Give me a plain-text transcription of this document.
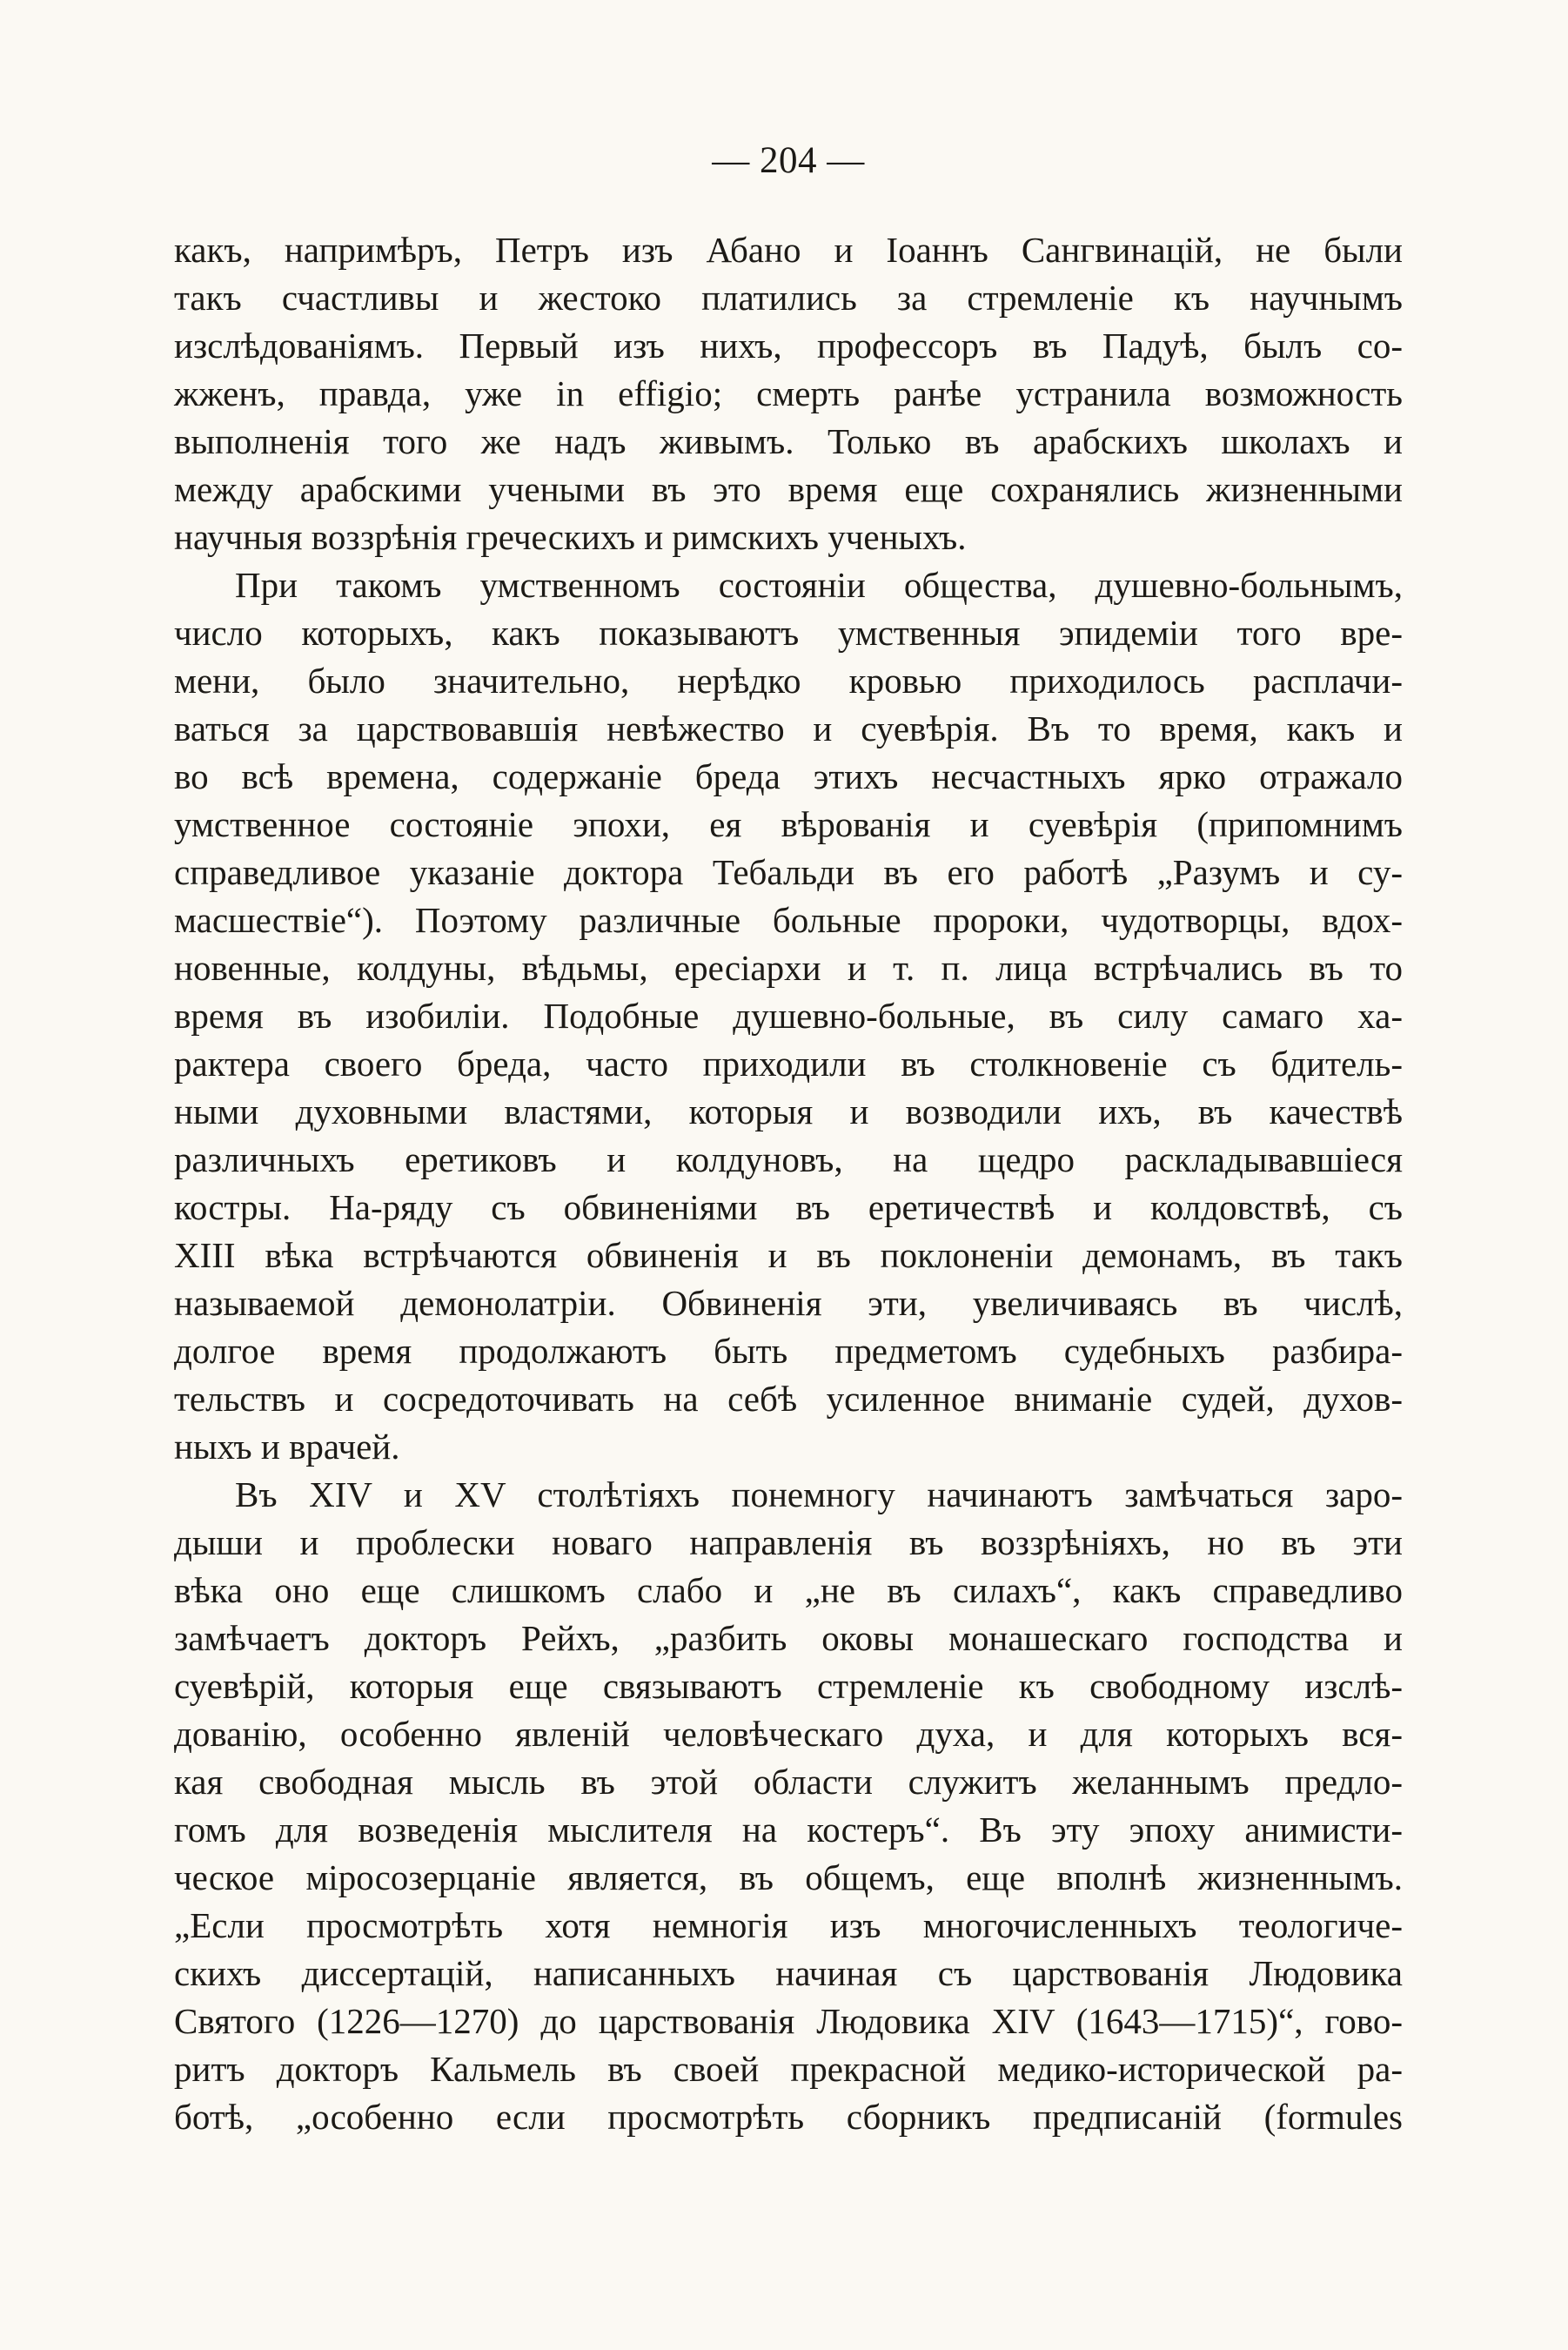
— 204 —

какъ, напримѣръ, Петръ изъ Абано и Іоаннъ Сангвинацій, не были
такъ счастливы и жестоко платились за стремленіе къ научнымъ
изслѣдованіямъ. Первый изъ нихъ, профессоръ въ Падуѣ, былъ со-
жженъ, правда, уже in effigio; смерть ранѣе устранила возможность
выполненія того же надъ живымъ. Только въ арабскихъ школахъ и
между арабскими учеными въ это время еще сохранялись жизненными
научныя воззрѣнія греческихъ и римскихъ ученыхъ.

При такомъ умственномъ состояніи общества, душевно-больнымъ,
число которыхъ, какъ показываютъ умственныя эпидеміи того вре-
мени, было значительно, нерѣдко кровью приходилось расплачи-
ваться за царствовавшія невѣжество и суевѣрія. Въ то время, какъ и
во всѣ времена, содержаніе бреда этихъ несчастныхъ ярко отражало
умственное состояніе эпохи, ея вѣрованія и суевѣрія (припомнимъ
справедливое указаніе доктора Тебальди въ его работѣ „Разумъ и су-
масшествіе“). Поэтому различные больные пророки, чудотворцы, вдох-
новенные, колдуны, вѣдьмы, ересіархи и т. п. лица встрѣчались въ то
время въ изобиліи. Подобные душевно-больные, въ силу самаго ха-
рактера своего бреда, часто приходили въ столкновеніе съ бдитель-
ными духовными властями, которыя и возводили ихъ, въ качествѣ
различныхъ еретиковъ и колдуновъ, на щедро раскладывавшіеся
костры. На-ряду съ обвиненіями въ еретичествѣ и колдовствѣ, съ
XIII вѣка встрѣчаются обвиненія и въ поклоненіи демонамъ, въ такъ
называемой демонолатріи. Обвиненія эти, увеличиваясь въ числѣ,
долгое время продолжаютъ быть предметомъ судебныхъ разбира-
тельствъ и сосредоточивать на себѣ усиленное вниманіе судей, духов-
ныхъ и врачей.

Въ XIV и XV столѣтіяхъ понемногу начинаютъ замѣчаться заро-
дыши и проблески новаго направленія въ воззрѣніяхъ, но въ эти
вѣка оно еще слишкомъ слабо и „не въ силахъ“, какъ справедливо
замѣчаетъ докторъ Рейхъ, „разбить оковы монашескаго господства и
суевѣрій, которыя еще связываютъ стремленіе къ свободному изслѣ-
дованію, особенно явленій человѣческаго духа, и для которыхъ вся-
кая свободная мысль въ этой области служитъ желаннымъ предло-
гомъ для возведенія мыслителя на костеръ“. Въ эту эпоху анимисти-
ческое міросозерцаніе является, въ общемъ, еще вполнѣ жизненнымъ.
„Если просмотрѣть хотя немногія изъ многочисленныхъ теологиче-
скихъ диссертацій, написанныхъ начиная съ царствованія Людовика
Святого (1226—1270) до царствованія Людовика XIV (1643—1715)“, гово-
ритъ докторъ Кальмель въ своей прекрасной медико-исторической ра-
ботѣ, „особенно если просмотрѣть сборникъ предписаній (formules
